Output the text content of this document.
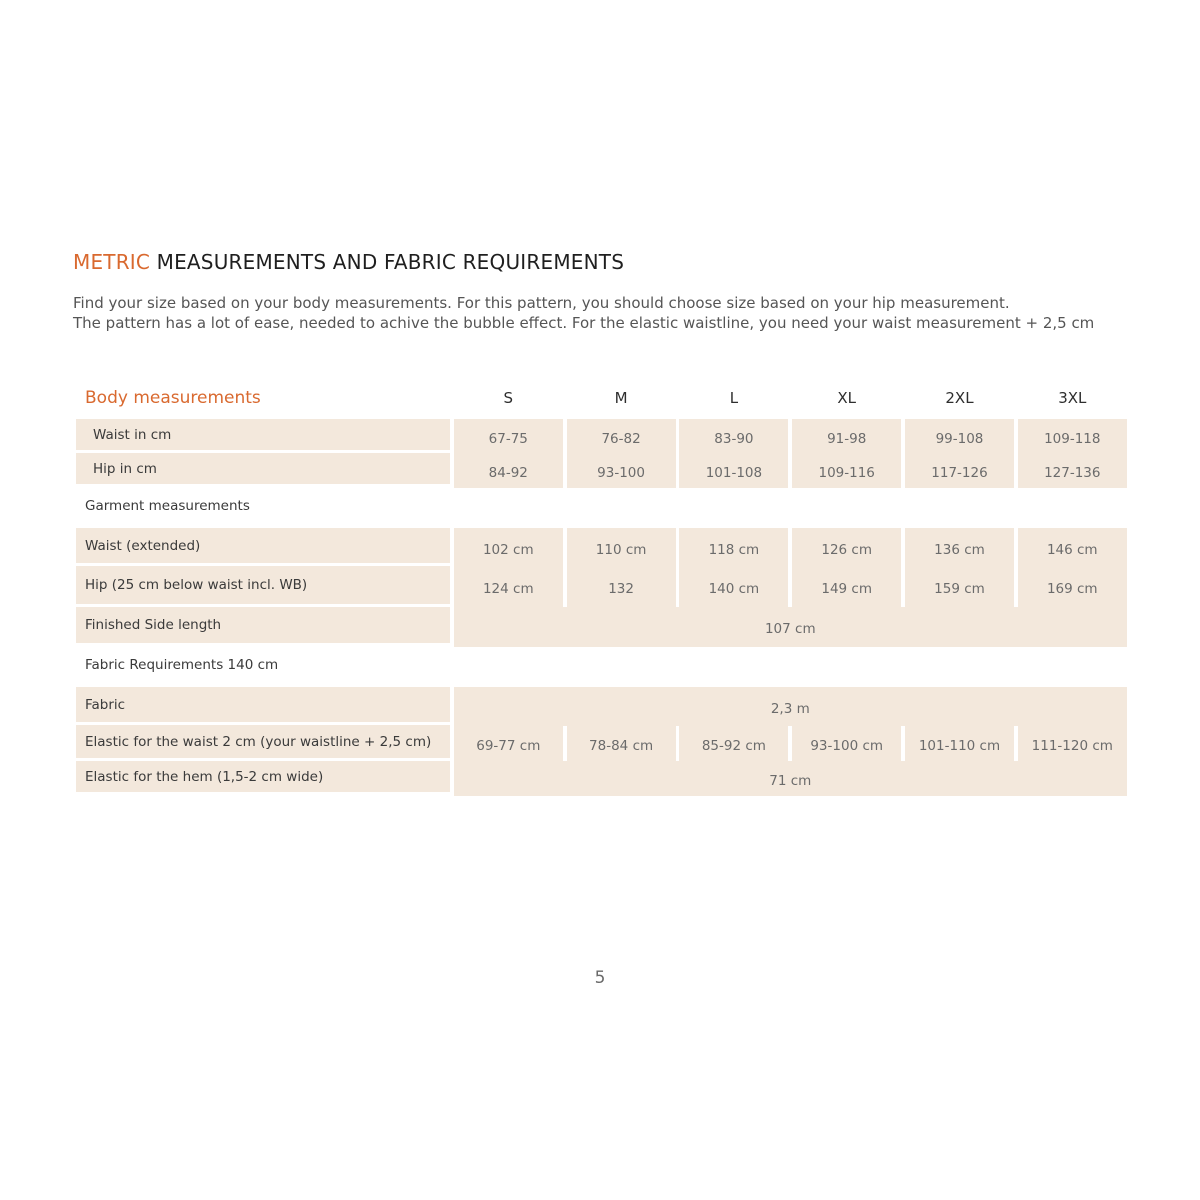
METRIC MEASUREMENTS AND FABRIC REQUIREMENTS
Find your size based on your body measurements. For this pattern, you should choose size based on your hip measurement.
The pattern has a lot of ease, needed to achive the bubble effect. For the elastic waistline, you need your waist measurement + 2,5 cm
Body measurements	S	M	L	XL	2XL	3XL
Waist in cm	67-75	76-82	83-90	91-98	99-108	109-118
Hip in cm	84-92	93-100	101-108	109-116	117-126	127-136
Garment measurements
Waist (extended)	102 cm	110 cm	118 cm	126 cm	136 cm	146 cm
Hip (25 cm below waist incl. WB)	124 cm	132	140 cm	149 cm	159 cm	169 cm
Finished Side length	107 cm
Fabric Requirements 140 cm
Fabric	2,3 m
Elastic for the waist 2 cm (your waistline + 2,5 cm)	69-77 cm	78-84 cm	85-92 cm	93-100 cm	101-110 cm	111-120 cm
Elastic for the hem (1,5-2 cm wide)	71 cm
5
